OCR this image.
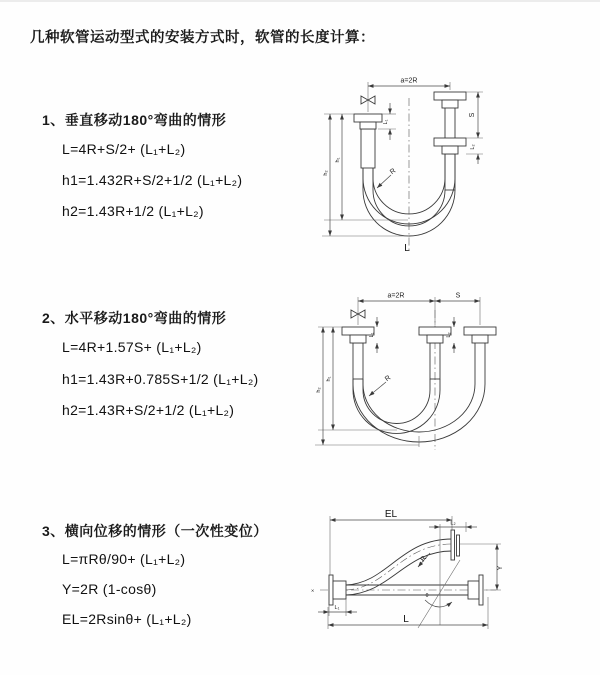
几种软管运动型式的安装方式时，软管的长度计算：
1、垂直移动180°弯曲的情形
L=4R+S/2+ (L₁+L₂)
h1=1.432R+S/2+1/2 (L₁+L₂)
h2=1.43R+1/2 (L₁+L₂)
2、水平移动180°弯曲的情形
L=4R+1.57S+ (L₁+L₂)
h1=1.43R+0.785S+1/2 (L₁+L₂)
h2=1.43R+S/2+1/2 (L₁+L₂)
3、横向位移的情形（一次性变位）
L=πRθ/90+ (L₁+L₂)
Y=2R (1-cosθ)
EL=2Rsinθ+ (L₁+L₂)
a=2R
L₁
S
L₂
h₁
h₂	R
L
a=2R	S
L₁	L₂
h₁
h₂
R
×
EL
L₂
Y
θ
R
L₁
L
